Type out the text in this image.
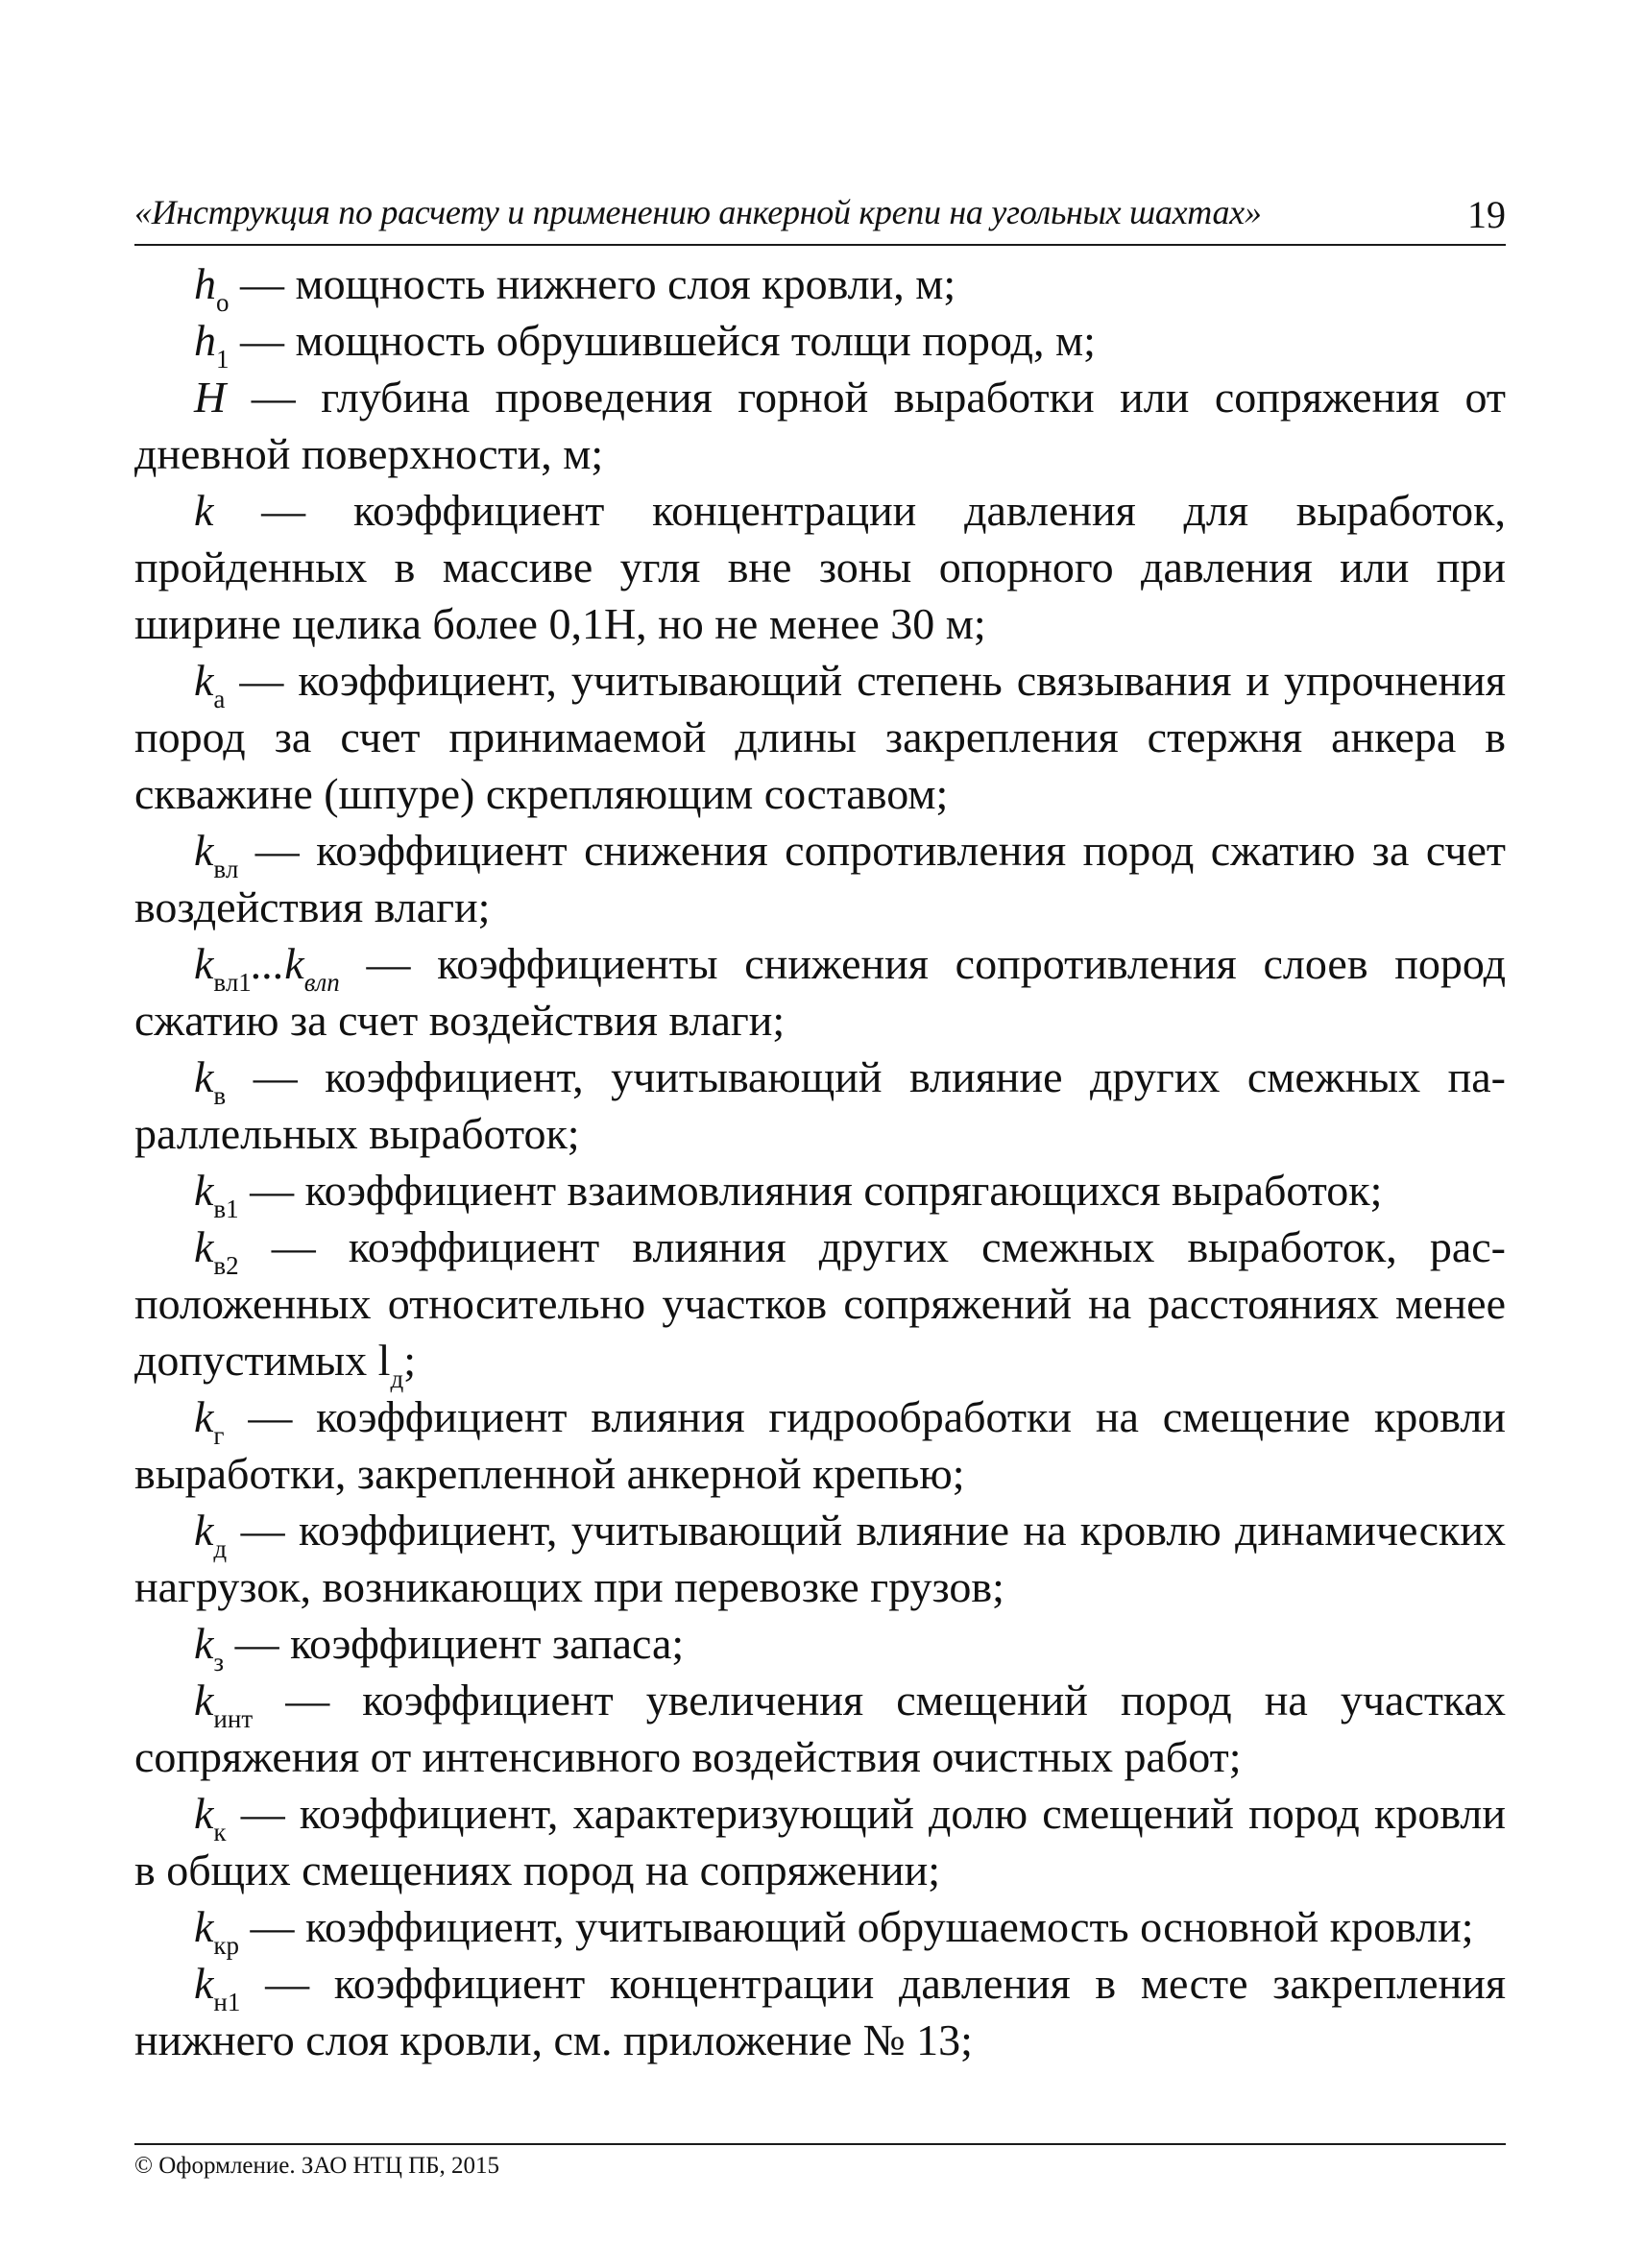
«Инструкция по расчету и применению анкерной крепи на угольных шахтах»	19

$h_о$ — мощность нижнего слоя кровли, м;

$h_1$ — мощность обрушившейся толщи пород, м;

H — глубина проведения горной выработки или сопряжения от дневной поверхности, м;

k — коэффициент концентрации давления для выработок, пройденных в массиве угля вне зоны опорного давления или при ширине целика более 0,1H, но не менее 30 м;

$k_а$ — коэффициент, учитывающий степень связывания и упрочнения пород за счет принимаемой длины закрепления стержня анкера в скважине (шпуре) скрепляющим составом;

$k_{вл}$ — коэффициент снижения сопротивления пород сжатию за счет воздействия влаги;

$k_{вл1}...k_{влn}$ — коэффициенты снижения сопротивления слоев пород сжатию за счет воздействия влаги;

$k_в$ — коэффициент, учитывающий влияние других смежных параллельных выработок;

$k_{в1}$ — коэффициент взаимовлияния сопрягающихся выработок;

$k_{в2}$ — коэффициент влияния других смежных выработок, расположенных относительно участков сопряжений на расстояниях менее допустимых $l_д$;

$k_г$ — коэффициент влияния гидрообработки на смещение кровли выработки, закрепленной анкерной крепью;

$k_д$ — коэффициент, учитывающий влияние на кровлю динамических нагрузок, возникающих при перевозке грузов;

$k_з$ — коэффициент запаса;

$k_{инт}$ — коэффициент увеличения смещений пород на участках сопряжения от интенсивного воздействия очистных работ;

$k_к$ — коэффициент, характеризующий долю смещений пород кровли в общих смещениях пород на сопряжении;

$k_{кр}$ — коэффициент, учитывающий обрушаемость основной кровли;

$k_{н1}$ — коэффициент концентрации давления в месте закрепления нижнего слоя кровли, см. приложение № 13;

© Оформление. ЗАО НТЦ ПБ, 2015
